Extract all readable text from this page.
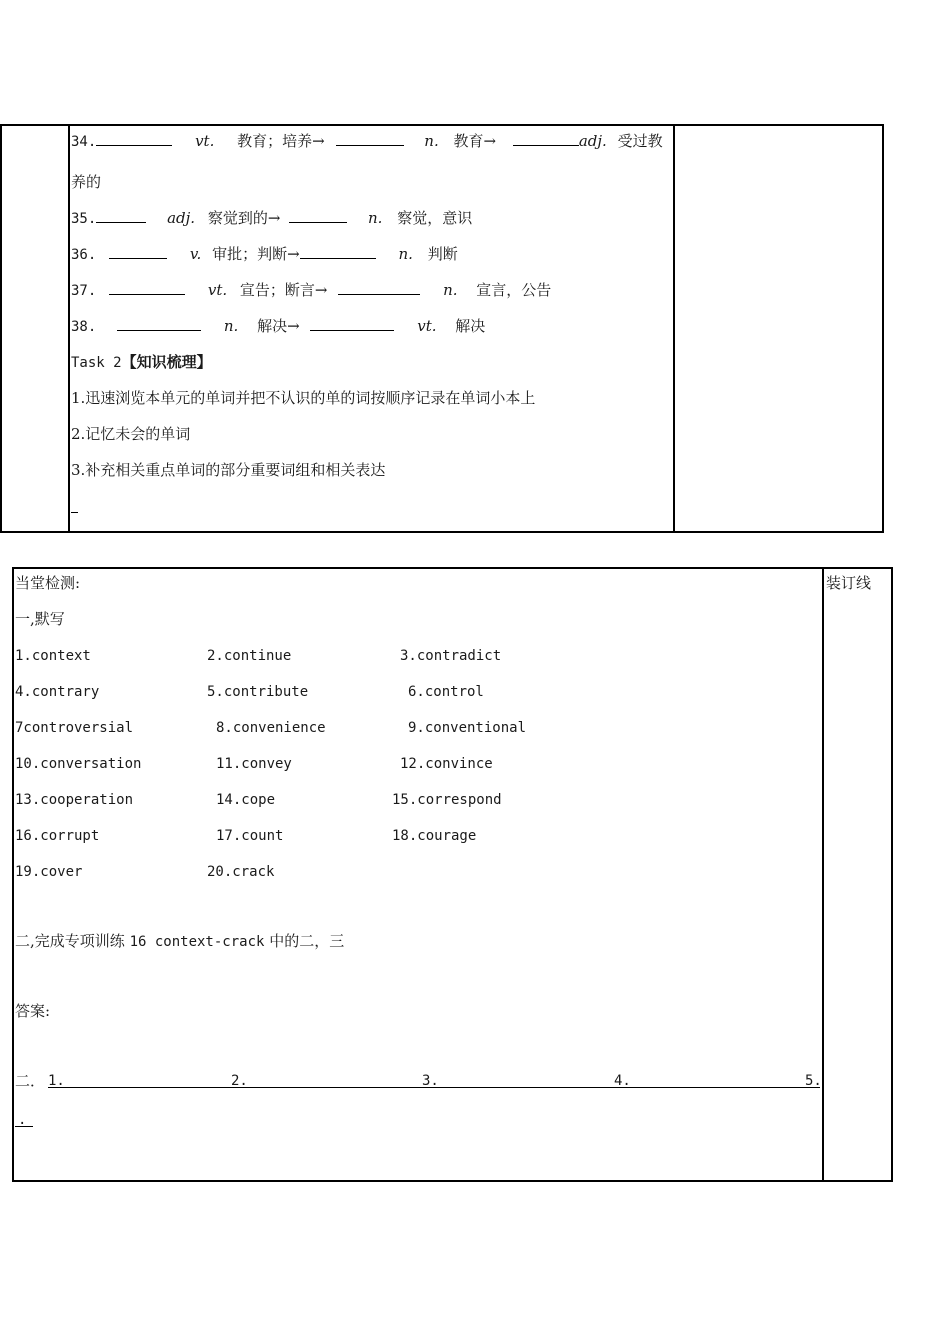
34.	vt. 教育；培养→	n. 教育→	adj. 受过教
养的
35.	adj. 察觉到的→	n. 察觉，意识
36.	v. 审批；判断→	n. 判断
37.	vt. 宣告；断言→	n. 宣言，公告
38.	n. 解决→	vt. 解决
Task 2【知识梳理】
1.迅速浏览本单元的单词并把不认识的单的词按顺序记录在单词小本上
2.记忆未会的单词
3.补充相关重点单词的部分重要词组和相关表达
当堂检测:	装订线
一,默写
1.context	2.continue	3.contradict
4.contrary	5.contribute	6.control
7controversial	8.convenience	9.conventional
10.conversation	11.convey	12.convince
13.cooperation	14.cope	15.correspond
16.corrupt	17.count	18.courage
19.cover	20.crack
二,完成专项训练 16 context-crack 中的二，三
答案:
二． 1.	2.	3.	4.	5.
.
